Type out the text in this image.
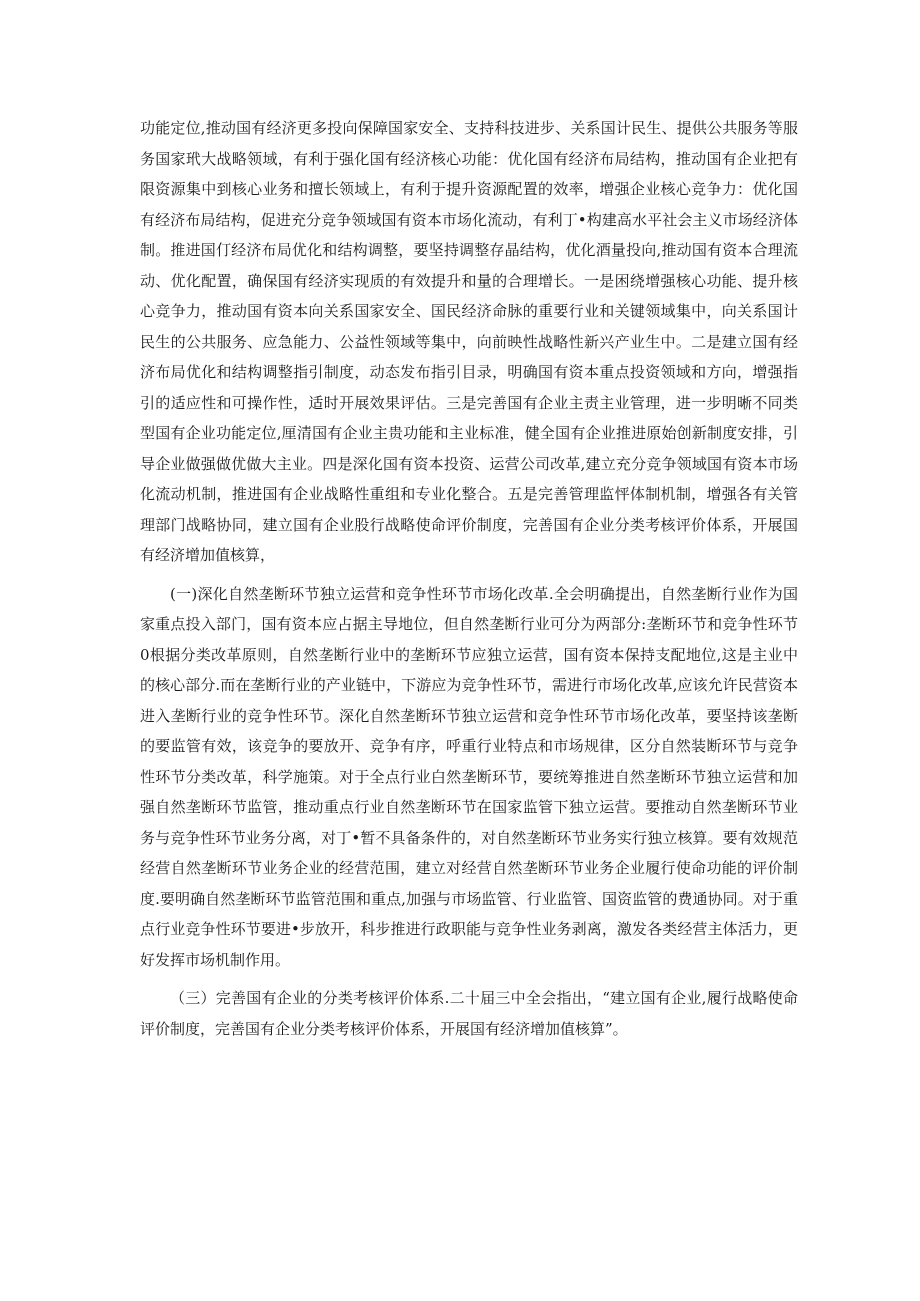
功能定位,推动国有经济更多投向保障国家安全、支持科技进步、关系国计民生、提供公共服务等服务国家玳大战略领域，有利于强化国有经济核心功能：优化国有经济布局结构，推动国有企业把有限资源集中到核心业务和擅长领域上，有利于提升资源配置的效率，增强企业核心竞争力：优化国有经济布局结构，促进充分竞争领域国有资本市场化流动，有利丁•构建高水平社会主义市场经济体制。推进国仃经济布局优化和结构调整，要坚持调整存晶结构，优化酒量投向,推动国有资本合理流动、优化配置，确保国有经济实现质的有效提升和量的合理增长。一是困绕增强核心功能、提升核心竞争力，推动国有资本向关系国家安全、国民经济命脉的重要行业和关键领域集中，向关系国计民生的公共服务、应急能力、公益性领域等集中，向前映性战略性新兴产业生中。二是建立国有经济布局优化和结构调整指引制度，动态发布指引目录，明确国有资本重点投资领域和方向，增强指引的适应性和可操作性，适时开展效果评估。三是完善国有企业主责主业管理，进一步明晰不同类型国有企业功能定位,厘清国有企业主贵功能和主业标准，健全国有企业推进原始创新制度安排，引导企业做强做优做大主业。四是深化国有资本投资、运营公司改革,建立充分竞争领域国有资本市场化流动机制，推进国有企业战略性重组和专业化整合。五是完善管理监怦体制机制，增强各有关管理部门战略协同，建立国有企业股行战略使命评价制度，完善国有企业分类考核评价体系，开展国有经济增加值核算，

(一)深化自然垄断环节独立运营和竞争性环节市场化改革.全会明确提出，自然垄断行业作为国家重点投入部门，国有资本应占据主导地位，但自然垄断行业可分为两部分:垄断环节和竞争性环节0根据分类改革原则，自然垄断行业中的垄断环节应独立运营，国有资本保持支配地位,这是主业中的核心部分.而在垄断行业的产业链中，下游应为竞争性环节，需进行市场化改革,应该允许民营资本进入垄断行业的竞争性环节。深化自然垄断环节独立运营和竞争性环节市场化改革，要坚持该垄断的要监管有效，该竞争的要放开、竞争有序，呼重行业特点和市场规律，区分自然装断环节与竞争性环节分类改革，科学施策。对于全点行业白然垄断环节，要统筹推进自然垄断环节独立运营和加强自然垄断环节监管，推动重点行业自然垄断环节在国家监管下独立运营。要推动自然垄断环节业务与竞争性环节业务分离，对丁•暂不具备条件的，对自然垄断环节业务实行独立核算。要有效规范经营自然垄断环节业务企业的经营范围，建立对经营自然垄断环节业务企业履行使命功能的评价制度.要明确自然垄断环节监管范围和重点,加强与市场监管、行业监管、国资监管的费通协同。对于重点行业竞争性环节要进•步放开，科步推进行政职能与竞争性业务剥离，激发各类经营主体活力，更好发挥市场机制作用。

（三）完善国有企业的分类考核评价体系.二十届三中全会指出，“建立国有企业,履行战略使命评价制度，完善国有企业分类考核评价体系，开展国有经济增加值核算”。
